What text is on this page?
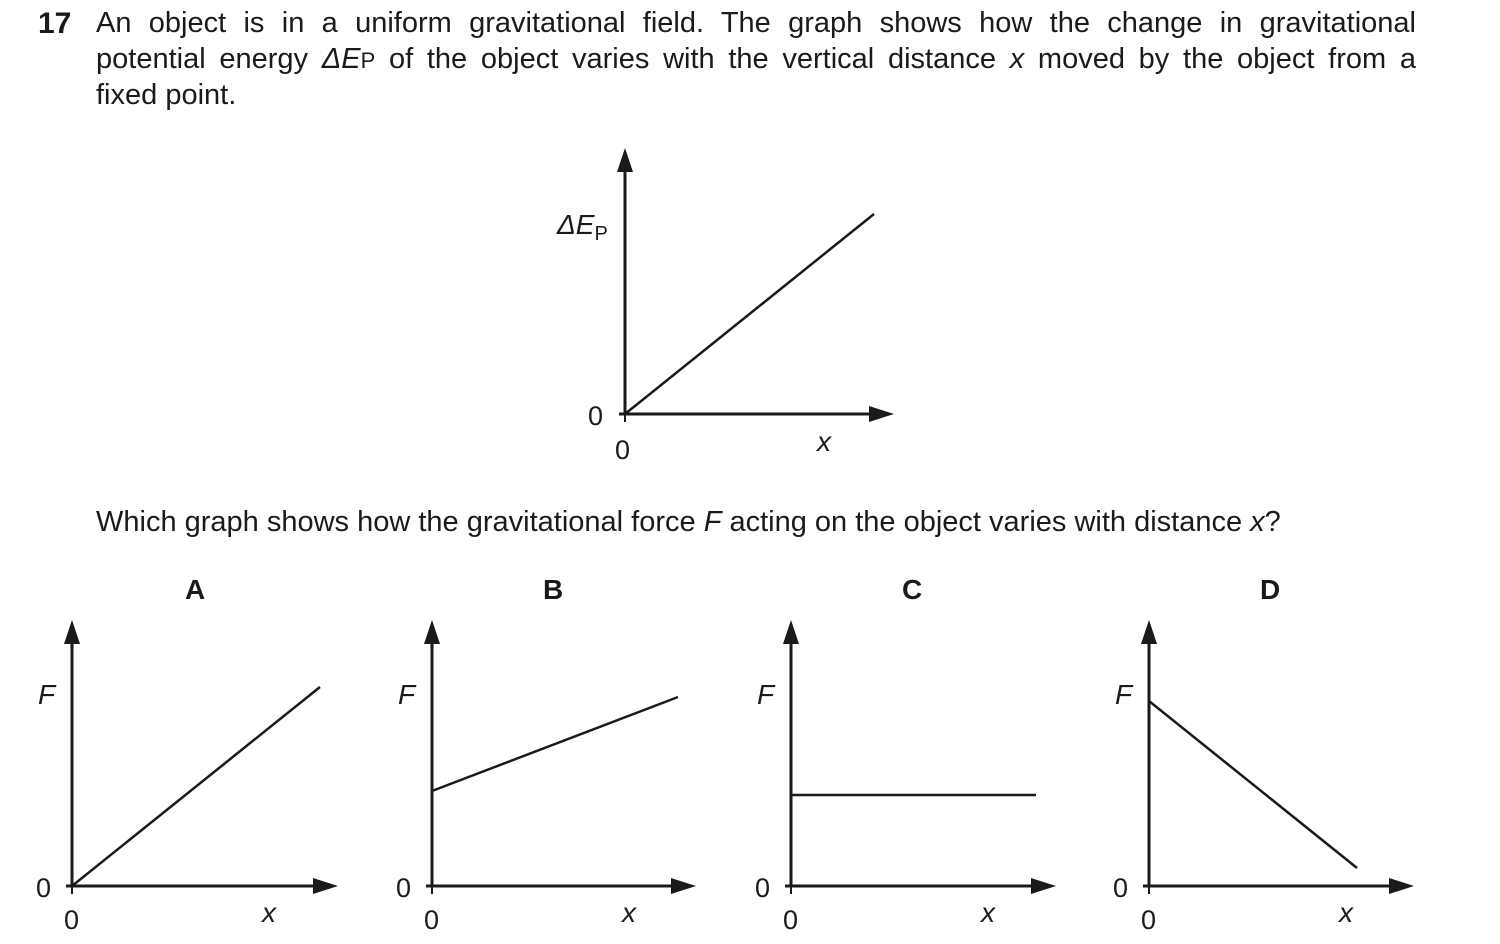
17 An object is in a uniform gravitational field. The graph shows how the change in gravitational
potential energy ΔEP of the object varies with the vertical distance x moved by the object from a
fixed point.
Which graph shows how the gravitational force F acting on the object varies with distance x?
A	B	C	D
$\Delta E_P$
0
0	x
F
0
0	x
F
0
0	x
F
0
0	x
F
0
0	x
